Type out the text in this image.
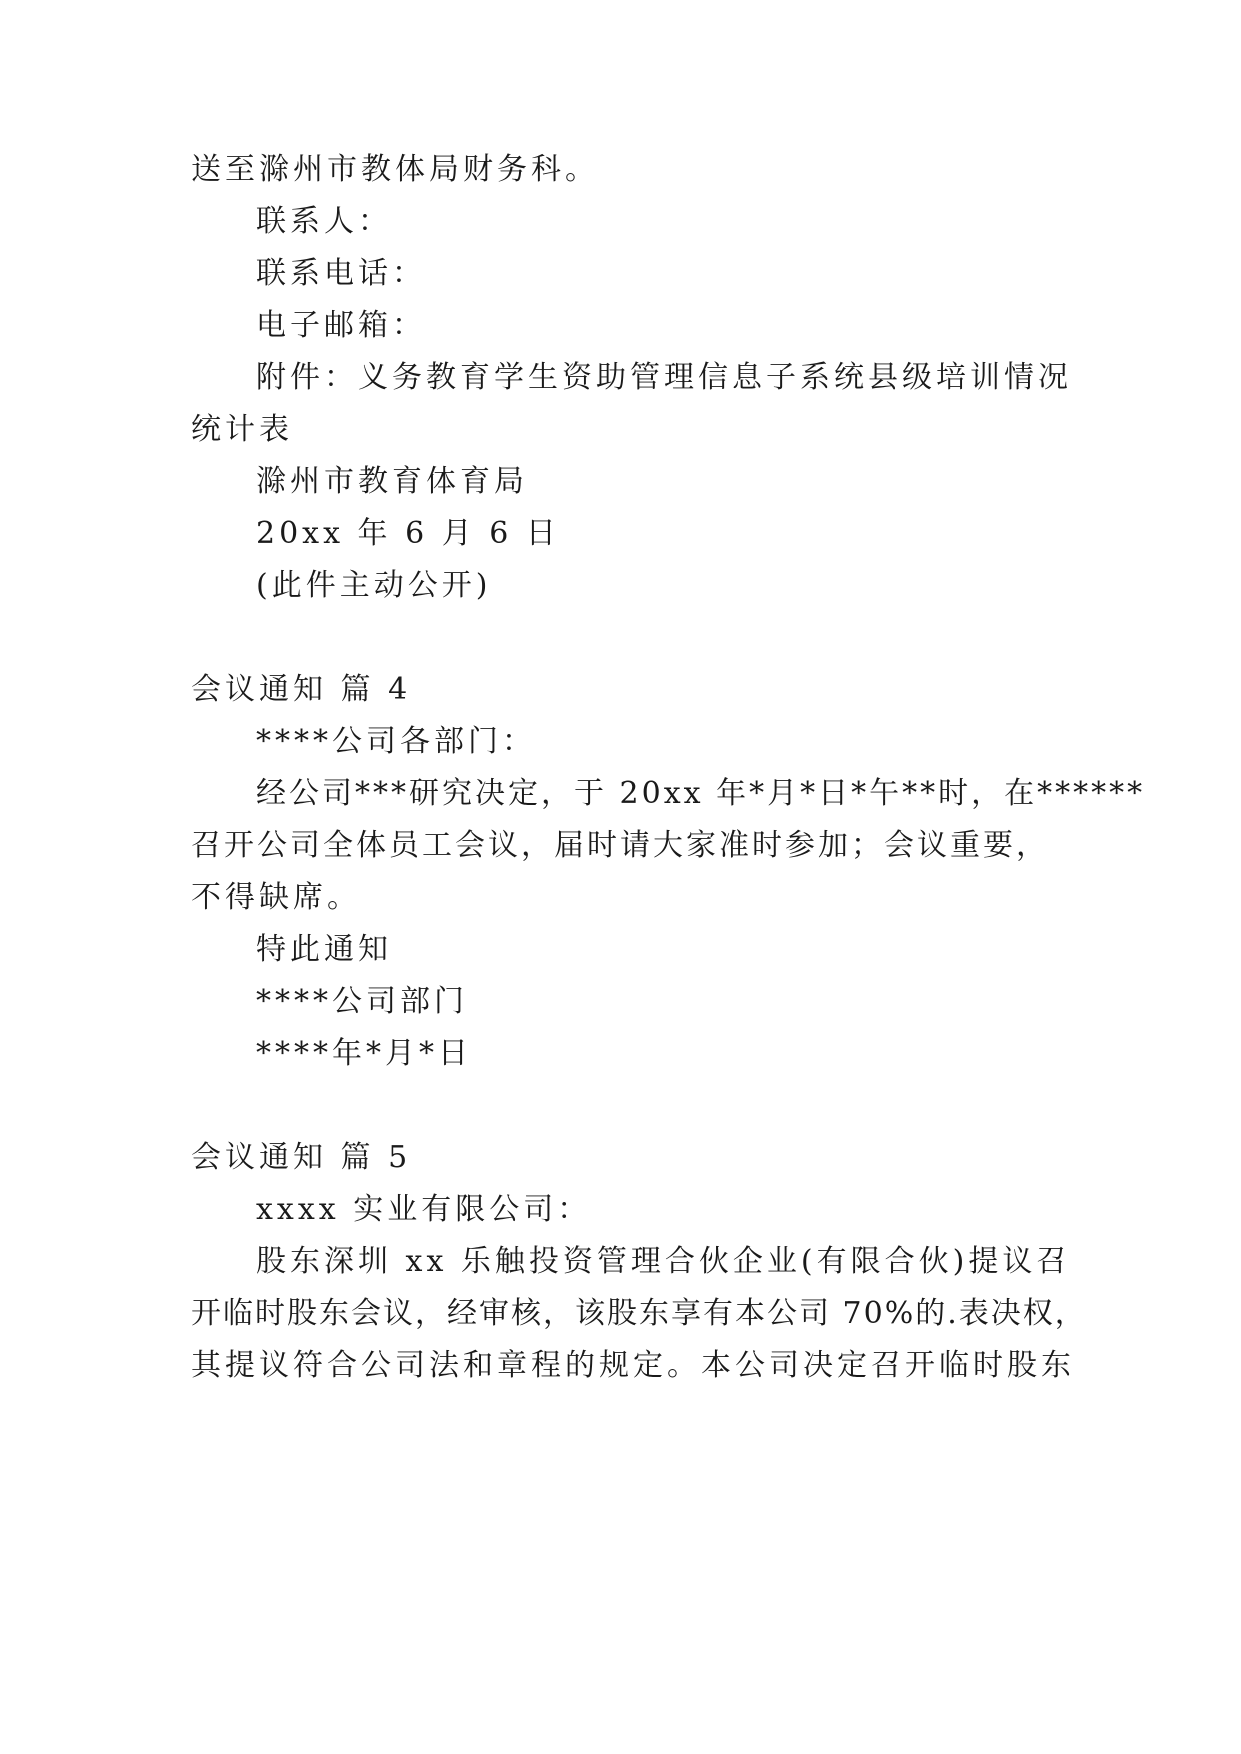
送至滁州市教体局财务科。
联系人：
联系电话：
电子邮箱：
附件：义务教育学生资助管理信息子系统县级培训情况
统计表
滁州市教育体育局
20xx 年 6 月 6 日
(此件主动公开)
会议通知 篇 4
****公司各部门：
经公司***研究决定，于 20xx 年*月*日*午**时，在******
召开公司全体员工会议，届时请大家准时参加；会议重要，
不得缺席。
特此通知
****公司部门
****年*月*日
会议通知 篇 5
xxxx 实业有限公司：
股东深圳 xx 乐触投资管理合伙企业(有限合伙)提议召
开临时股东会议，经审核，该股东享有本公司 70%的.表决权，
其提议符合公司法和章程的规定。本公司决定召开临时股东
